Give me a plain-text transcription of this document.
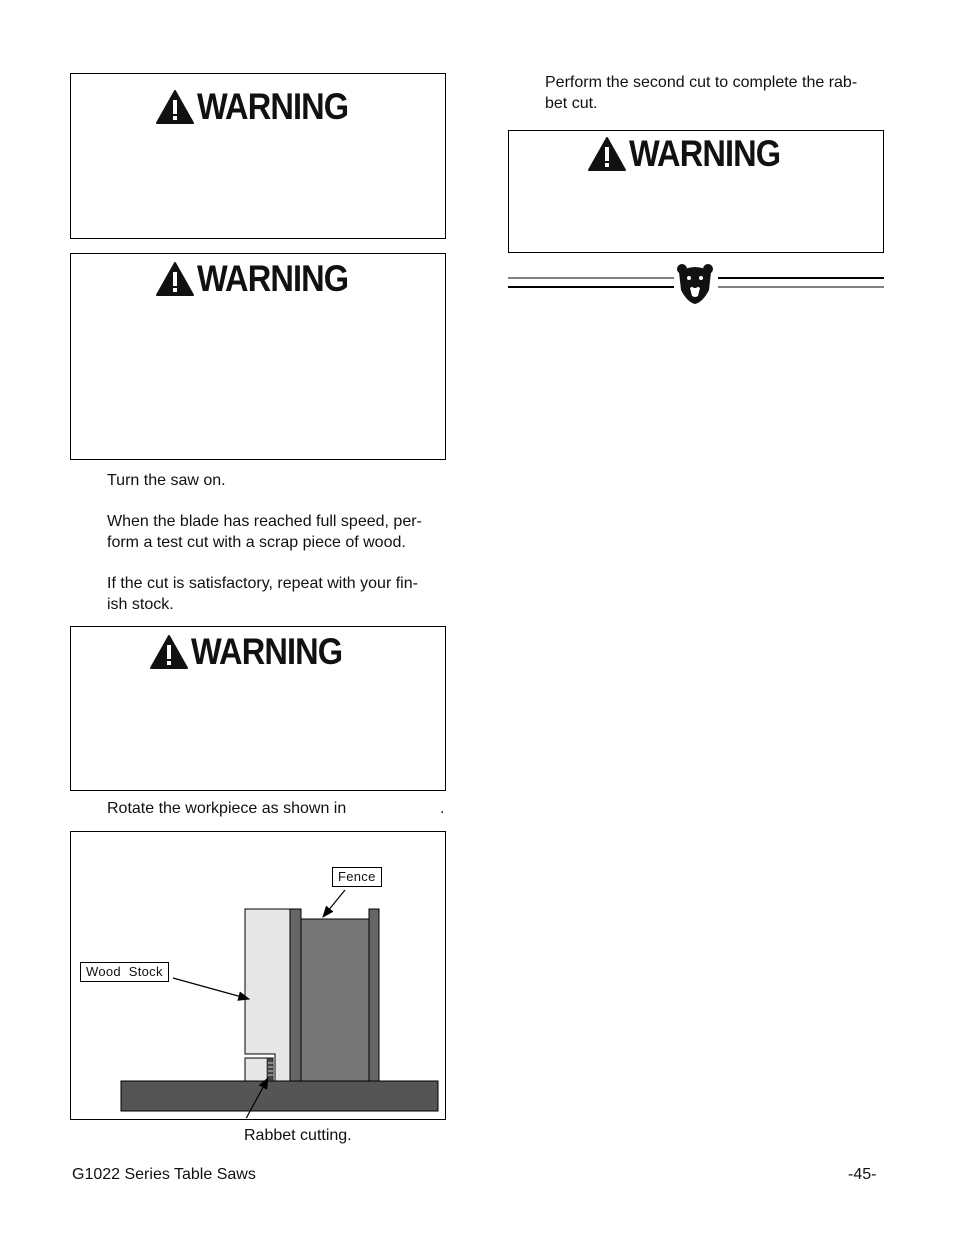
WARNING
WARNING
Turn the saw on.
When the blade has reached full speed, per-
form a test cut with a scrap piece of wood.
If the cut is satisfactory, repeat with your fin-
ish stock.
WARNING
Rotate the workpiece as shown in	.
Fence
Wood  Stock
Rabbet cutting.
Perform the second cut to complete the rab-
bet cut.
WARNING
G1022 Series Table Saws	-45-
